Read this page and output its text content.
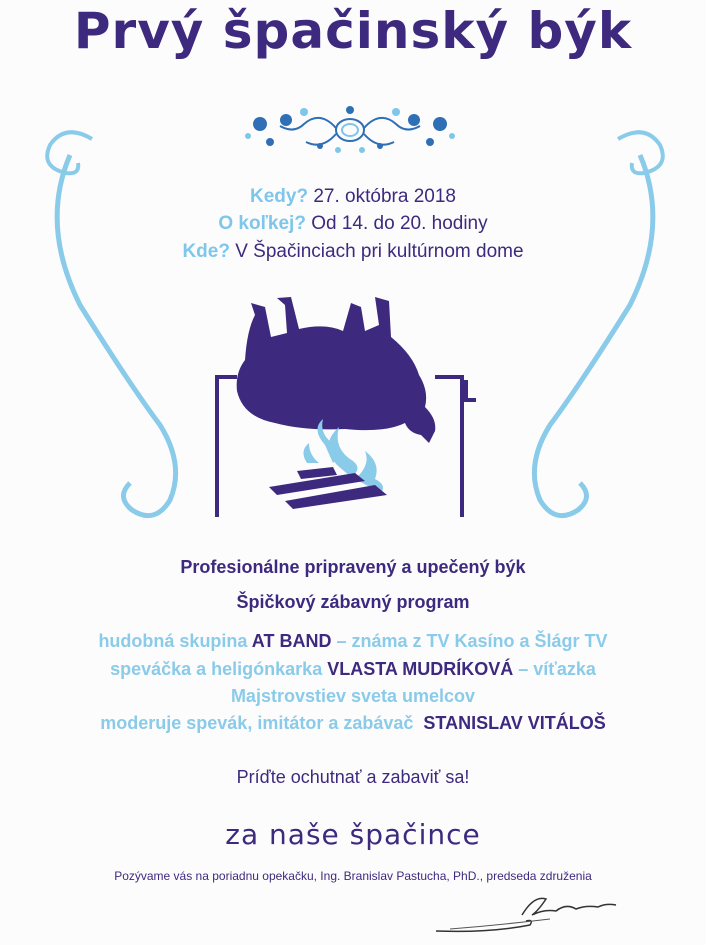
Prvý špačinský býk
Kedy? 27. októbra 2018
O koľkej? Od 14. do 20. hodiny
Kde? V Špačinciach pri kultúrnom dome
Profesionálne pripravený a upečený býk
Špičkový zábavný program
hudobná skupina AT BAND – známa z TV Kasíno a Šlágr TV
speváčka a heligónkarka VLASTA MUDRÍKOVÁ – víťazka
Majstrovstiev sveta umelcov
moderuje spevák, imitátor a zabávač STANISLAV VITÁLOŠ
Príďte ochutnať a zabaviť sa!
za naše špačince
Pozývame vás na poriadnu opekačku, Ing. Branislav Pastucha, PhD., predseda združenia
